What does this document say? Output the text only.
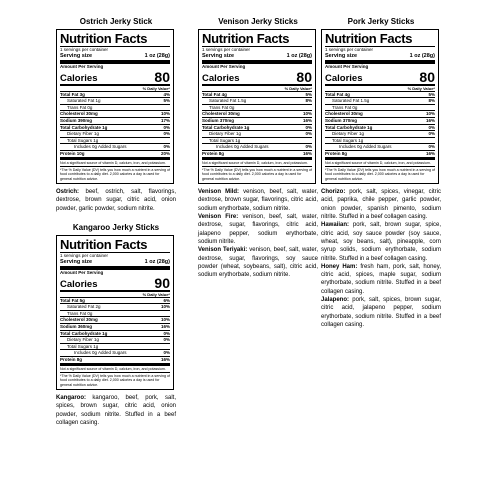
Ostrich Jerky Stick
Nutrition Facts
1 servings per container
Serving size	1 oz (28g)
Amount Per Serving
Calories	80
% Daily Value*
Total Fat 3g	4%
Saturated Fat 1g	5%
Trans Fat 0g
Cholesterol 30mg	10%
Sodium 390mg	17%
Total Carbohydrate 1g	0%
Dietary Fiber 1g	0%
Total Sugars 1g
Includes 0g Added Sugars	0%
Protein 10g	20%
Not a significant source of vitamin D, calcium, iron, and potassium.
*The % Daily Value (DV) tells you how much a nutrient in a serving of food contributes to a daily diet. 2,000 calories a day is used for general nutrition advice.

Ostrich: beef, ostrich, salt, flavorings, dextrose, brown sugar, citric acid, onion powder, garlic powder, sodium nitrite.

Kangaroo Jerky Sticks
Nutrition Facts
1 servings per container
Serving size	1 oz (28g)
Amount Per Serving
Calories	90
% Daily Value*
Total Fat 5g	6%
Saturated Fat 2g	10%
Trans Fat 0g
Cholesterol 30mg	10%
Sodium 360mg	16%
Total Carbohydrate 1g	0%
Dietary Fiber 1g	0%
Total Sugars 1g
Includes 0g Added Sugars	0%
Protein 8g	16%
Not a significant source of vitamin D, calcium, iron, and potassium.
*The % Daily Value (DV) tells you how much a nutrient in a serving of food contributes to a daily diet. 2,000 calories a day is used for general nutrition advice.

Kangaroo: kangaroo, beef, pork, salt, spices, brown sugar, citric acid, onion powder, sodium nitrite. Stuffed in a beef collagen casing.

Venison Jerky Sticks
Nutrition Facts
1 servings per container
Serving size	1 oz (28g)
Amount Per Serving
Calories	80
% Daily Value*
Total Fat 4g	5%
Saturated Fat 1.5g	8%
Trans Fat 0g
Cholesterol 30mg	10%
Sodium 370mg	16%
Total Carbohydrate 1g	0%
Dietary Fiber 1g	0%
Total Sugars 1g
Includes 0g Added Sugars	0%
Protein 8g	16%
Not a significant source of vitamin D, calcium, iron, and potassium.
*The % Daily Value (DV) tells you how much a nutrient in a serving of food contributes to a daily diet. 2,000 calories a day is used for general nutrition advice.

Venison Mild: venison, beef, salt, water, dextrose, brown sugar, flavorings, citric acid, sodium erythorbate, sodium nitrite.

Venison Fire: venison, beef, salt, water, dextrose, sugar, flavorings, citric acid, jalapeno pepper, sodium erythorbate, sodium nitrite.

Venison Teriyaki: venison, beef, salt, water, dextrose, sugar, flavorings, soy sauce powder (wheat, soybeans, salt), citric acid, sodium erythorbate, sodium nitrite.

Pork Jerky Sticks
Nutrition Facts
1 servings per container
Serving size	1 oz (28g)
Amount Per Serving
Calories	80
% Daily Value*
Total Fat 4g	5%
Saturated Fat 1.5g	8%
Trans Fat 0g
Cholesterol 30mg	10%
Sodium 370mg	16%
Total Carbohydrate 1g	0%
Dietary Fiber 1g	0%
Total Sugars 1g
Includes 0g Added Sugars	0%
Protein 8g	16%
Not a significant source of vitamin D, calcium, iron, and potassium.
*The % Daily Value (DV) tells you how much a nutrient in a serving of food contributes to a daily diet. 2,000 calories a day is used for general nutrition advice.

Chorizo: pork, salt, spices, vinegar, citric acid, paprika, chile pepper, garlic powder, onion powder, spanish pimento, sodium nitrite. Stuffed in a beef collagen casing.

Hawaiian: pork, salt, brown sugar, spice, citric acid, soy sauce powder (soy sauce, wheat, soy beans, salt), pineapple, corn syrup solids, sodium erythorbate, sodium nitrite. Stuffed in a beef collagen casing.

Honey Ham: fresh ham, pork, salt, honey, citric acid, spices, maple sugar, sodium erythorbate, sodium nitrite. Stuffed in a beef collagen casing.

Jalapeno: pork, salt, spices, brown sugar, citric acid, jalapeno pepper, sodium erythorbate, sodium nitrite. Stuffed in a beef collagen casing.
